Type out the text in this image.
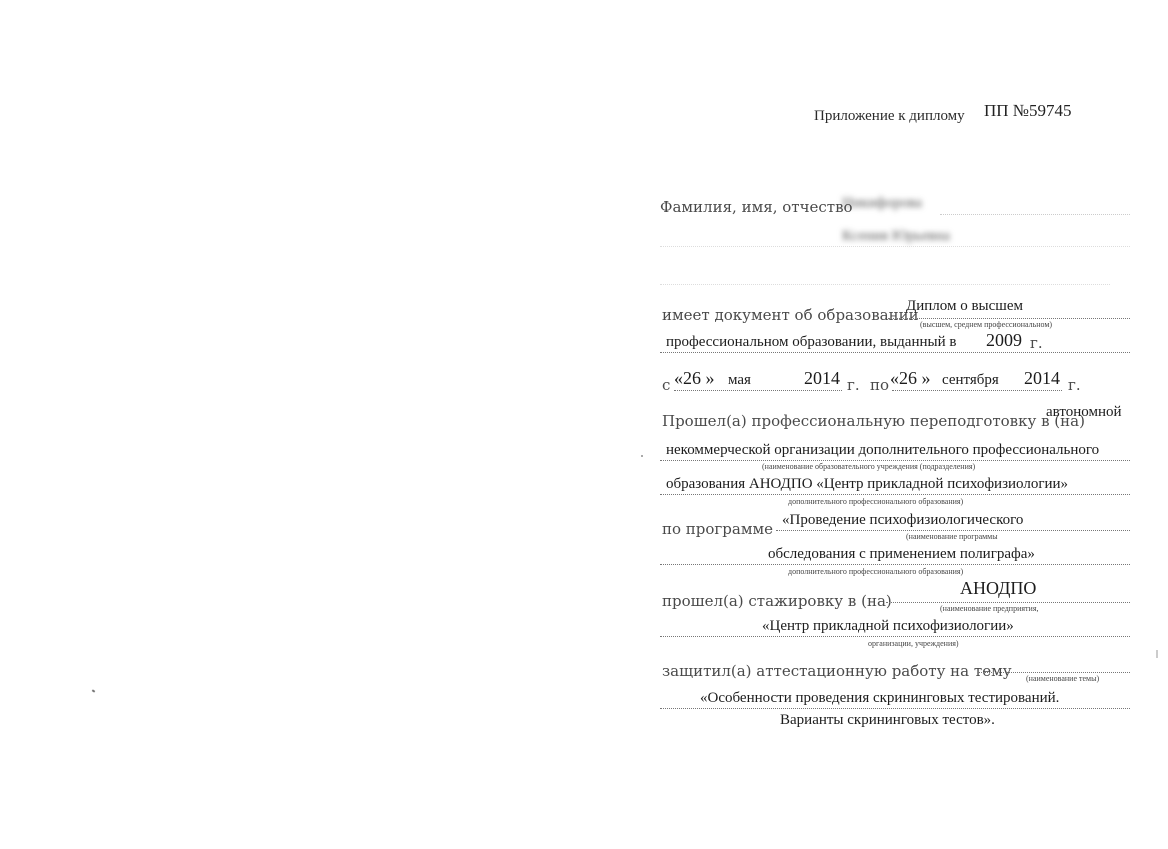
Приложение к диплому ПП №59745
Фамилия, имя, отчество
Никифорова
Ксения Юрьевна
имеет документ об образовании
Диплом о высшем
(высшем, среднем профессиональном)
профессиональном образовании, выданный в 2009 г.
с «26 » мая	2014 г. по «26 » сентября 2014 г.
Прошел(а) профессиональную переподготовку в (на)
автономной
некоммерческой организации дополнительного профессионального
(наименование образовательного учреждения (подразделения)
образования АНОДПО «Центр прикладной психофизиологии»
дополнительного профессионального образования)
по программе «Проведение психофизиологического
(наименование программы
обследования с применением полиграфа»
дополнительного профессионального образования)
прошел(а) стажировку в (на)
АНОДПО
(наименование предприятия,
«Центр прикладной психофизиологии»
организации, учреждения)
защитил(а) аттестационную работу на тему (наименование темы)
«Особенности проведения скрининговых тестирований.
Варианты скрининговых тестов».
